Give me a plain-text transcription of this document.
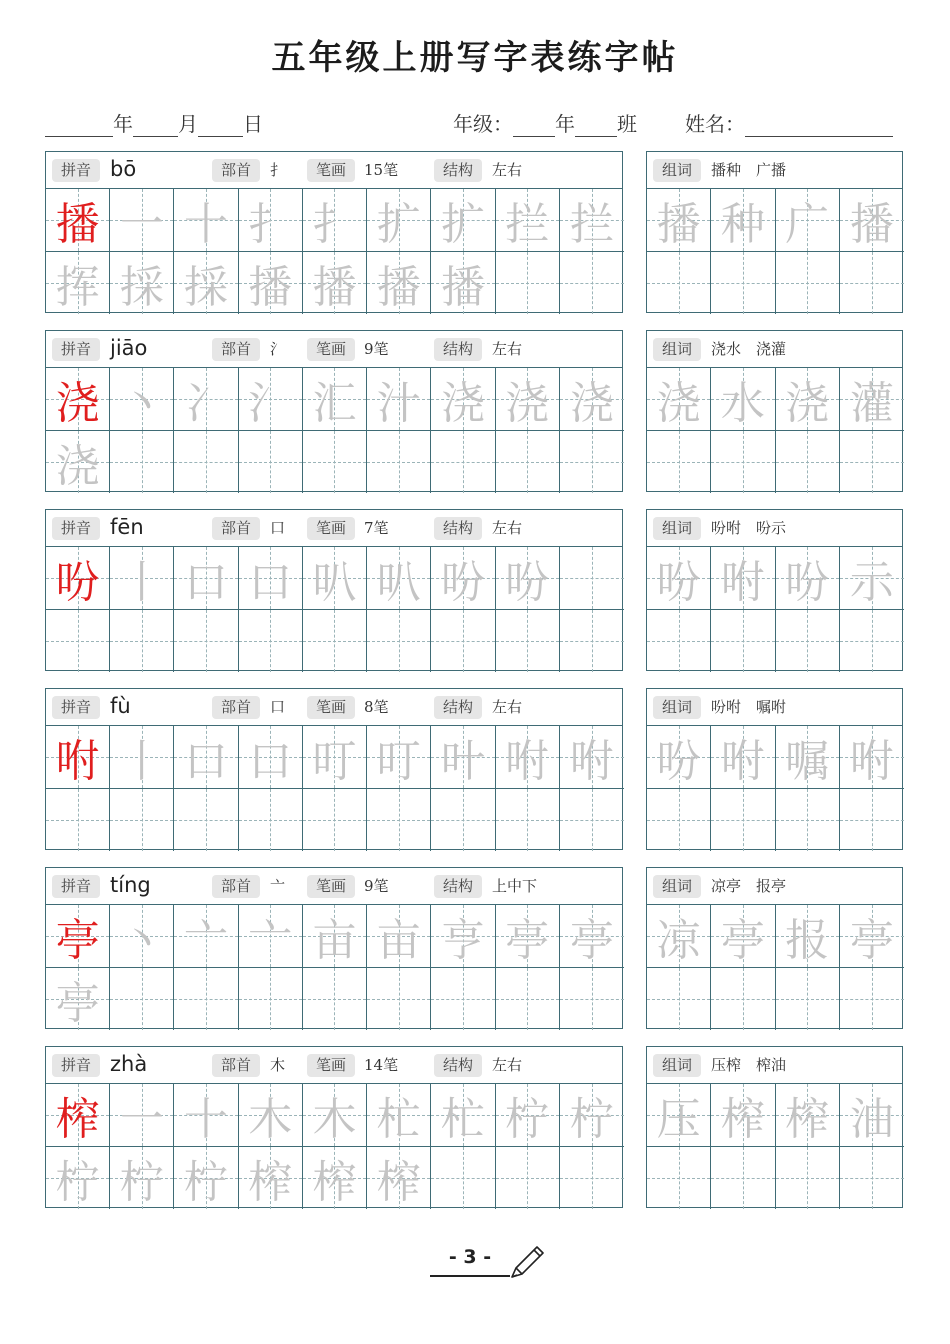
五年级上册写字表练字帖
年 月 日	年级： 年 班 姓名：
拼音 bō	部首	扌	笔画	15笔	结构	左右
播 一 十 扌 扌 扩 扩 拦 拦
挥 採 採 播 播 播 播
组词	播种　广播
播 种 广 播
拼音 jiāo	部首	氵	笔画	9笔	结构	左右
浇 丶 冫 氵 汇 汁 浇 浇 浇
浇
组词	浇水　浇灌
浇 水 浇 灌
拼音 fēn	部首	口	笔画	7笔	结构	左右
吩 丨 口 口 叭 叭 吩 吩
组词	吩咐　吩示
吩 咐 吩 示
拼音 fù	部首	口	笔画	8笔	结构	左右
咐 丨 口 口 叮 叮 叶 咐 咐
组词	吩咐　嘱咐
吩 咐 嘱 咐
拼音 tíng	部首	亠	笔画	9笔	结构	上中下
亭 丶 亠 亠 亩 亩 亨 亭 亭
亭
组词	凉亭　报亭
凉 亭 报 亭
拼音 zhà	部首	木	笔画	14笔	结构	左右
榨 一 十 木 木 杧 杧 柠 柠
柠 柠 柠 榨 榨 榨
组词	压榨　榨油
压 榨 榨 油
- 3 -
